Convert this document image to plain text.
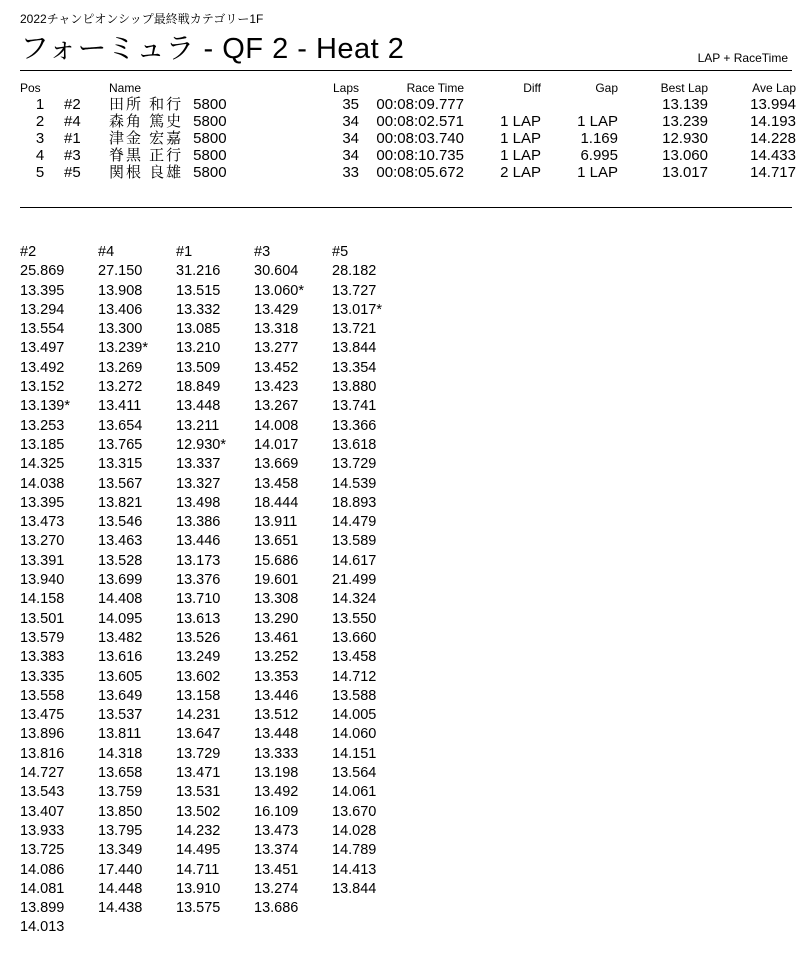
2022チャンピオンシップ最終戦カテゴリー1F
フォーミュラ - QF 2 - Heat 2	LAP + RaceTime
Pos		Name	Laps	Race Time	Diff	Gap	Best Lap	Ave Lap
1	#2	田所 和行 5800	35	00:08:09.777			13.139	13.994
2	#4	森角 篤史 5800	34	00:08:02.571	1 LAP	1 LAP	13.239	14.193
3	#1	津金 宏嘉 5800	34	00:08:03.740	1 LAP	1.169	12.930	14.228
4	#3	脊黒 正行 5800	34	00:08:10.735	1 LAP	6.995	13.060	14.433
5	#5	関根 良雄 5800	33	00:08:05.672	2 LAP	1 LAP	13.017	14.717
#2	#4	#1	#3	#5
25.869	27.150	31.216	30.604	28.182
13.395	13.908	13.515	13.060*	13.727
13.294	13.406	13.332	13.429	13.017*
13.554	13.300	13.085	13.318	13.721
13.497	13.239*	13.210	13.277	13.844
13.492	13.269	13.509	13.452	13.354
13.152	13.272	18.849	13.423	13.880
13.139*	13.411	13.448	13.267	13.741
13.253	13.654	13.211	14.008	13.366
13.185	13.765	12.930*	14.017	13.618
14.325	13.315	13.337	13.669	13.729
14.038	13.567	13.327	13.458	14.539
13.395	13.821	13.498	18.444	18.893
13.473	13.546	13.386	13.911	14.479
13.270	13.463	13.446	13.651	13.589
13.391	13.528	13.173	15.686	14.617
13.940	13.699	13.376	19.601	21.499
14.158	14.408	13.710	13.308	14.324
13.501	14.095	13.613	13.290	13.550
13.579	13.482	13.526	13.461	13.660
13.383	13.616	13.249	13.252	13.458
13.335	13.605	13.602	13.353	14.712
13.558	13.649	13.158	13.446	13.588
13.475	13.537	14.231	13.512	14.005
13.896	13.811	13.647	13.448	14.060
13.816	14.318	13.729	13.333	14.151
14.727	13.658	13.471	13.198	13.564
13.543	13.759	13.531	13.492	14.061
13.407	13.850	13.502	16.109	13.670
13.933	13.795	14.232	13.473	14.028
13.725	13.349	14.495	13.374	14.789
14.086	17.440	14.711	13.451	14.413
14.081	14.448	13.910	13.274	13.844
13.899	14.438	13.575	13.686	
14.013				
